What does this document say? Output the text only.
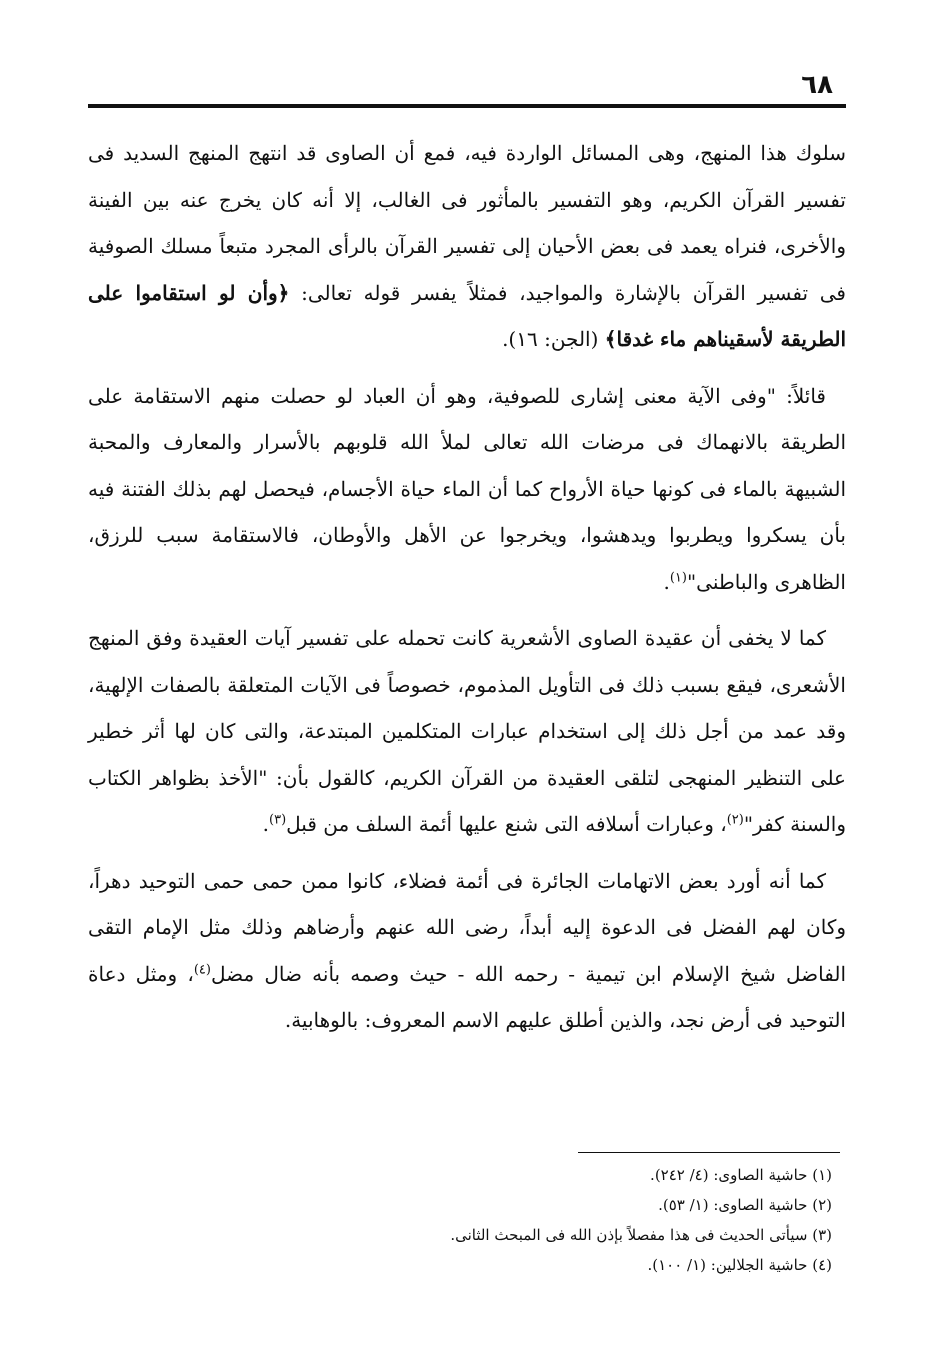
٦٨

سلوك هذا المنهج، وهى المسائل الواردة فيه، فمع أن الصاوى قد انتهج المنهج السديد فى تفسير القرآن الكريم، وهو التفسير بالمأثور فى الغالب، إلا أنه كان يخرج عنه بين الفينة والأخرى، فنراه يعمد فى بعض الأحيان إلى تفسير القرآن بالرأى المجرد متبعاً مسلك الصوفية فى تفسير القرآن بالإشارة والمواجيد، فمثلاً يفسر قوله تعالى: ﴿وأن لو استقاموا على الطريقة لأسقيناهم ماء غدقا﴾ (الجن: ١٦).

قائلاً: "وفى الآية معنى إشارى للصوفية، وهو أن العباد لو حصلت منهم الاستقامة على الطريقة بالانهماك فى مرضات الله تعالى لملأ الله قلوبهم بالأسرار والمعارف والمحبة الشبيهة بالماء فى كونها حياة الأرواح كما أن الماء حياة الأجسام، فيحصل لهم بذلك الفتنة فيه بأن يسكروا ويطربوا ويدهشوا، ويخرجوا عن الأهل والأوطان، فالاستقامة سبب للرزق، الظاهرى والباطنى"$^{(١)}$.

كما لا يخفى أن عقيدة الصاوى الأشعرية كانت تحمله على تفسير آيات العقيدة وفق المنهج الأشعرى، فيقع بسبب ذلك فى التأويل المذموم، خصوصاً فى الآيات المتعلقة بالصفات الإلهية، وقد عمد من أجل ذلك إلى استخدام عبارات المتكلمين المبتدعة، والتى كان لها أثر خطير على التنظير المنهجى لتلقى العقيدة من القرآن الكريم، كالقول بأن: "الأخذ بظواهر الكتاب والسنة كفر"$^{(٢)}$، وعبارات أسلافه التى شنع عليها أئمة السلف من قبل$^{(٣)}$.

كما أنه أورد بعض الاتهامات الجائرة فى أئمة فضلاء، كانوا ممن حمى حمى التوحيد دهراً، وكان لهم الفضل فى الدعوة إليه أبداً، رضى الله عنهم وأرضاهم وذلك مثل الإمام التقى الفاضل شيخ الإسلام ابن تيمية - رحمه الله - حيث وصمه بأنه ضال مضل$^{(٤)}$، ومثل دعاة التوحيد فى أرض نجد، والذين أطلق عليهم الاسم المعروف: بالوهابية.

(١) حاشية الصاوى: (٤/ ٢٤٢).

(٢) حاشية الصاوى: (١/ ٥٣).

(٣) سيأتى الحديث فى هذا مفصلاً بإذن الله فى المبحث الثانى.

(٤) حاشية الجلالين: (١/ ١٠٠).
